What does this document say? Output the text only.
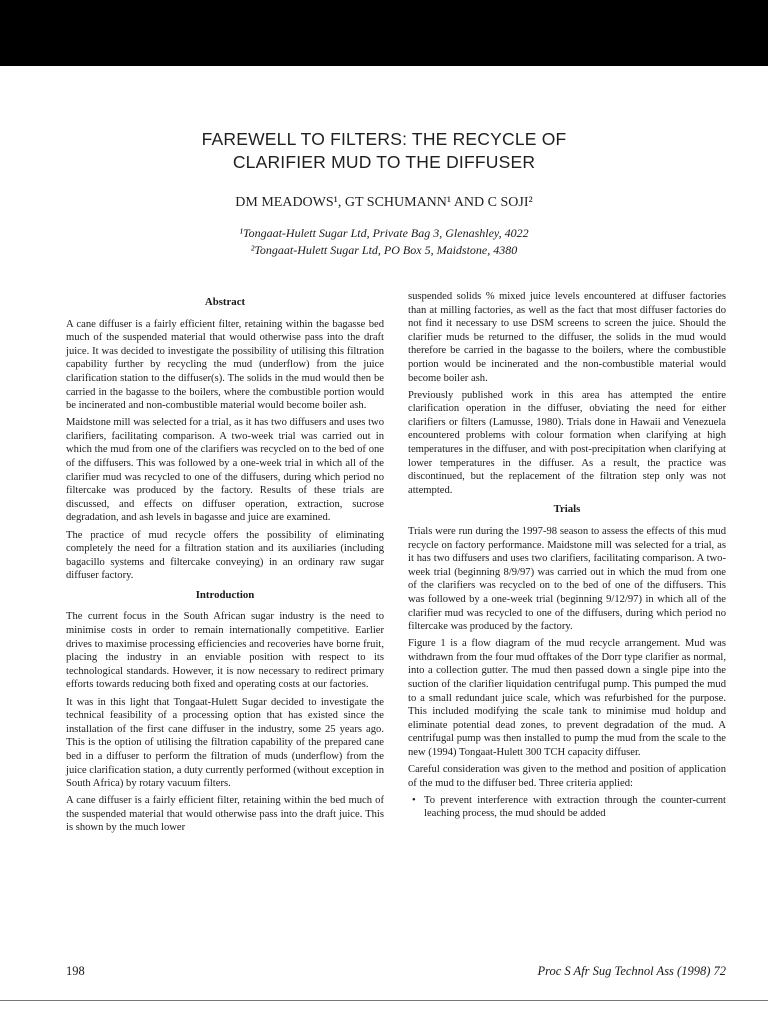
FAREWELL TO FILTERS: THE RECYCLE OF
CLARIFIER MUD TO THE DIFFUSER
DM MEADOWS¹, GT SCHUMANN¹ AND C SOJI²
¹Tongaat-Hulett Sugar Ltd, Private Bag 3, Glenashley, 4022
²Tongaat-Hulett Sugar Ltd, PO Box 5, Maidstone, 4380
Abstract

A cane diffuser is a fairly efficient filter, retaining within the bagasse bed much of the suspended material that would otherwise pass into the draft juice. It was decided to investigate the possibility of utilising this filtration capability further by recycling the mud (underflow) from the juice clarification station to the diffuser(s). The solids in the mud would then be carried in the bagasse to the boilers, where the combustible portion would be incinerated and non-combustible material would become boiler ash.

Maidstone mill was selected for a trial, as it has two diffusers and uses two clarifiers, facilitating comparison. A two-week trial was carried out in which the mud from one of the clarifiers was recycled on to the bed of one of the diffusers. This was followed by a one-week trial in which all of the clarifier mud was recycled to one of the diffusers, during which period no filtercake was produced by the factory. Results of these trials are discussed, and effects on diffuser operation, extraction, sucrose degradation, and ash levels in bagasse and juice are examined.

The practice of mud recycle offers the possibility of eliminating completely the need for a filtration station and its auxiliaries (including bagacillo systems and filtercake conveying) in an ordinary raw sugar diffuser factory.

Introduction

The current focus in the South African sugar industry is the need to minimise costs in order to remain internationally competitive. Earlier drives to maximise processing efficiencies and recoveries have borne fruit, placing the industry in an enviable position with respect to its technological standards. However, it is now necessary to redirect primary efforts towards reducing both fixed and operating costs at our factories.

It was in this light that Tongaat-Hulett Sugar decided to investigate the technical feasibility of a processing option that has existed since the installation of the first cane diffuser in the industry, some 25 years ago. This is the option of utilising the filtration capability of the prepared cane bed in a diffuser to perform the filtration of muds (underflow) from the juice clarification station, a duty currently performed (without exception in South Africa) by rotary vacuum filters.

A cane diffuser is a fairly efficient filter, retaining within the bed much of the suspended material that would otherwise pass into the draft juice. This is shown by the much lower

suspended solids % mixed juice levels encountered at diffuser factories than at milling factories, as well as the fact that most diffuser factories do not find it necessary to use DSM screens to screen the juice. Should the clarifier muds be returned to the diffuser, the solids in the mud would therefore be carried in the bagasse to the boilers, where the combustible portion would be incinerated and the non-combustible material would become boiler ash.

Previously published work in this area has attempted the entire clarification operation in the diffuser, obviating the need for either clarifiers or filters (Lamusse, 1980). Trials done in Hawaii and Venezuela encountered problems with colour formation when clarifying at high temperatures in the diffuser, and with post-precipitation when clarifying at lower temperatures in the diffuser. As a result, the practice was discontinued, but the replacement of the filtration step only was not attempted.

Trials

Trials were run during the 1997-98 season to assess the effects of this mud recycle on factory performance. Maidstone mill was selected for a trial, as it has two diffusers and uses two clarifiers, facilitating comparison. A two-week trial (beginning 8/9/97) was carried out in which the mud from one of the clarifiers was recycled on to the bed of one of the diffusers. This was followed by a one-week trial (beginning 9/12/97) in which all of the clarifier mud was recycled to one of the diffusers, during which period no filtercake was produced by the factory.

Figure 1 is a flow diagram of the mud recycle arrangement. Mud was withdrawn from the four mud offtakes of the Dorr type clarifier as normal, into a collection gutter. The mud then passed down a single pipe into the suction of the clarifier liquidation centrifugal pump. This pumped the mud to a small redundant juice scale, which was refurbished for the purpose. This included modifying the scale tank to minimise mud holdup and eliminate potential dead zones, to prevent degradation of the mud. A centrifugal pump was then installed to pump the mud from the scale to the new (1994) Tongaat-Hulett 300 TCH capacity diffuser.

Careful consideration was given to the method and position of application of the mud to the diffuser bed. Three criteria applied:

• To prevent interference with extraction through the counter-current leaching process, the mud should be added
198	Proc S Afr Sug Technol Ass (1998) 72
